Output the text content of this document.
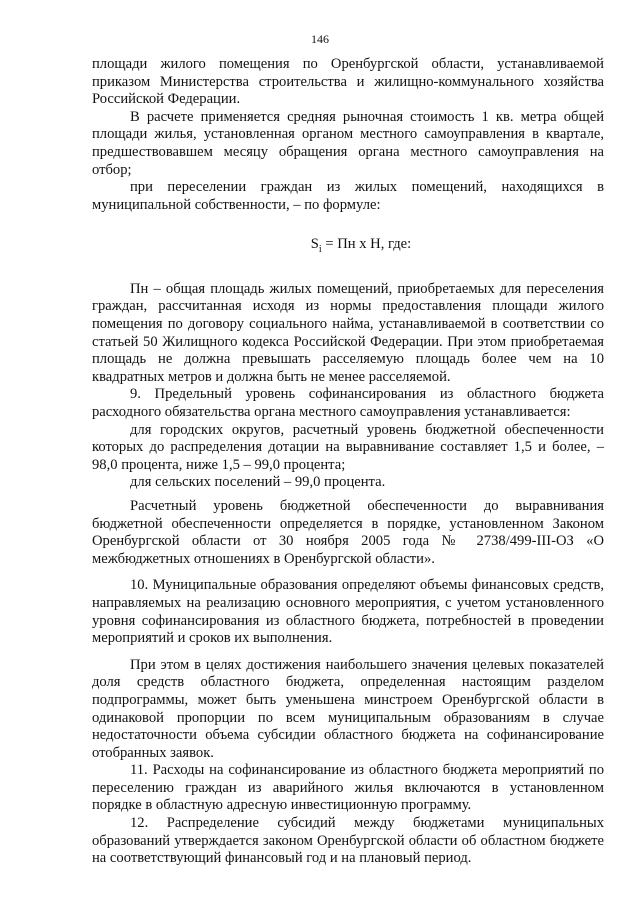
146

площади жилого помещения по Оренбургской области, устанавливаемой приказом Министерства строительства и жилищно-коммунального хозяйства Российской Федерации.

В расчете применяется средняя рыночная стоимость 1 кв. метра общей площади жилья, установленная органом местного самоуправления в квартале, предшествовавшем месяцу обращения органа местного самоуправления на отбор;

при переселении граждан из жилых помещений, находящихся в муниципальной собственности, – по формуле:

$S_i$ = Пн x Н, где:

Пн – общая площадь жилых помещений, приобретаемых для переселения граждан, рассчитанная исходя из нормы предоставления площади жилого помещения по договору социального найма, устанавливаемой в соответствии со статьей 50 Жилищного кодекса Российской Федерации. При этом приобретаемая площадь не должна превышать расселяемую площадь более чем на 10 квадратных метров и должна быть не менее расселяемой.

9. Предельный уровень софинансирования из областного бюджета расходного обязательства органа местного самоуправления устанавливается:

для городских округов, расчетный уровень бюджетной обеспеченности которых до распределения дотации на выравнивание составляет 1,5 и более, – 98,0 процента, ниже 1,5 – 99,0 процента;

для сельских поселений – 99,0 процента.

Расчетный уровень бюджетной обеспеченности до выравнивания бюджетной обеспеченности определяется в порядке, установленном Законом Оренбургской области от 30 ноября 2005 года № 2738/499-III-ОЗ «О межбюджетных отношениях в Оренбургской области».

10. Муниципальные образования определяют объемы финансовых средств, направляемых на реализацию основного мероприятия, с учетом установленного уровня софинансирования из областного бюджета, потребностей в проведении мероприятий и сроков их выполнения.

При этом в целях достижения наибольшего значения целевых показателей доля средств областного бюджета, определенная настоящим разделом подпрограммы, может быть уменьшена минстроем Оренбургской области в одинаковой пропорции по всем муниципальным образованиям в случае недостаточности объема субсидии областного бюджета на софинансирование отобранных заявок.

11. Расходы на софинансирование из областного бюджета мероприятий по переселению граждан из аварийного жилья включаются в установленном порядке в областную адресную инвестиционную программу.

12. Распределение субсидий между бюджетами муниципальных образований утверждается законом Оренбургской области об областном бюджете на соответствующий финансовый год и на плановый период.
